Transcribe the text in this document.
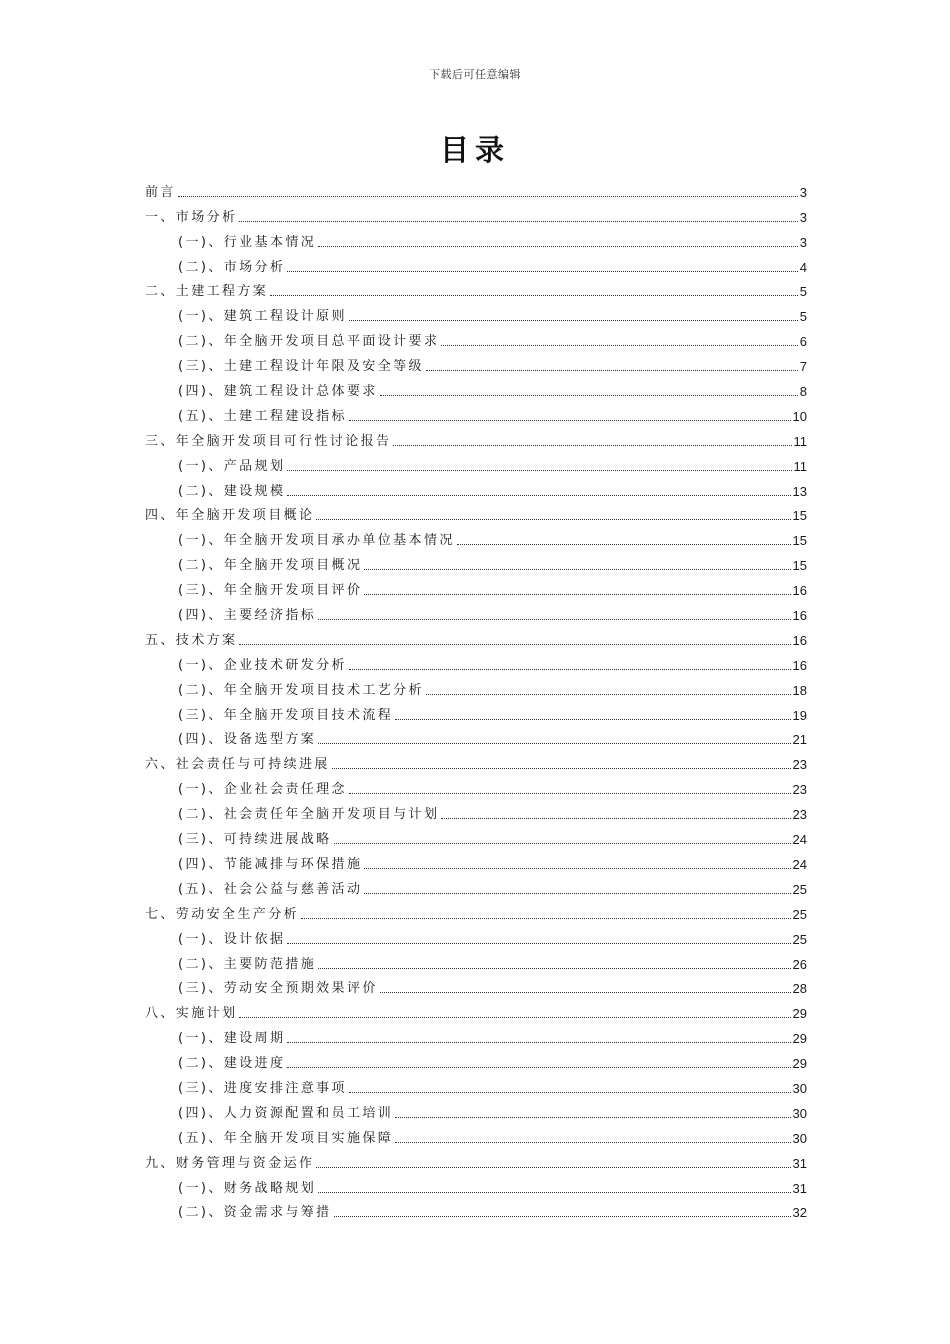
下载后可任意编辑
目录
前言	3
一、市场分析	3
(一)、行业基本情况	3
(二)、市场分析	4
二、土建工程方案	5
(一)、建筑工程设计原则	5
(二)、年全脑开发项目总平面设计要求	6
(三)、土建工程设计年限及安全等级	7
(四)、建筑工程设计总体要求	8
(五)、土建工程建设指标	10
三、年全脑开发项目可行性讨论报告	11
(一)、产品规划	11
(二)、建设规模	13
四、年全脑开发项目概论	15
(一)、年全脑开发项目承办单位基本情况	15
(二)、年全脑开发项目概况	15
(三)、年全脑开发项目评价	16
(四)、主要经济指标	16
五、技术方案	16
(一)、企业技术研发分析	16
(二)、年全脑开发项目技术工艺分析	18
(三)、年全脑开发项目技术流程	19
(四)、设备选型方案	21
六、社会责任与可持续进展	23
(一)、企业社会责任理念	23
(二)、社会责任年全脑开发项目与计划	23
(三)、可持续进展战略	24
(四)、节能减排与环保措施	24
(五)、社会公益与慈善活动	25
七、劳动安全生产分析	25
(一)、设计依据	25
(二)、主要防范措施	26
(三)、劳动安全预期效果评价	28
八、实施计划	29
(一)、建设周期	29
(二)、建设进度	29
(三)、进度安排注意事项	30
(四)、人力资源配置和员工培训	30
(五)、年全脑开发项目实施保障	30
九、财务管理与资金运作	31
(一)、财务战略规划	31
(二)、资金需求与筹措	32
